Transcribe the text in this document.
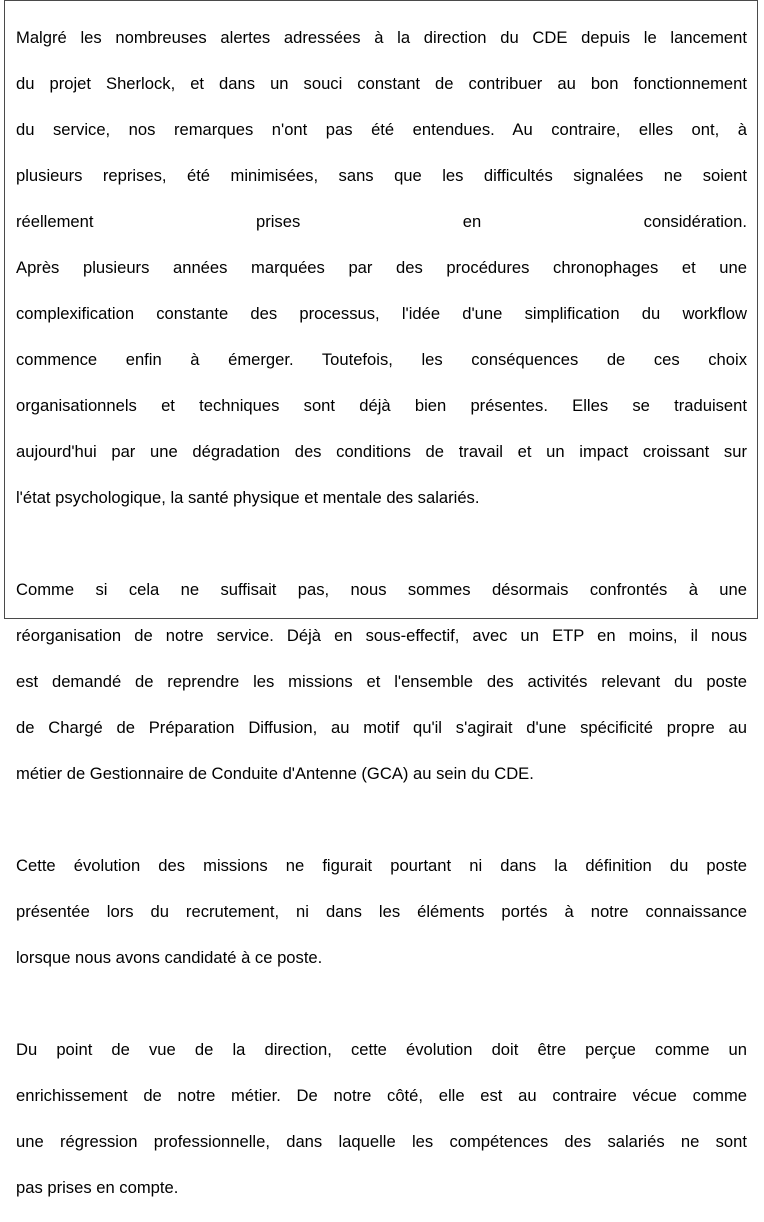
Malgré les nombreuses alertes adressées à la direction du CDE depuis le lancement

du projet Sherlock, et dans un souci constant de contribuer au bon fonctionnement

du service, nos remarques n'ont pas été entendues. Au contraire, elles ont, à

plusieurs reprises, été minimisées, sans que les difficultés signalées ne soient

réellement prises en considération.

Après plusieurs années marquées par des procédures chronophages et une

complexification constante des processus, l'idée d'une simplification du workflow

commence enfin à émerger. Toutefois, les conséquences de ces choix

organisationnels et techniques sont déjà bien présentes. Elles se traduisent

aujourd'hui par une dégradation des conditions de travail et un impact croissant sur

l'état psychologique, la santé physique et mentale des salariés.

Comme si cela ne suffisait pas, nous sommes désormais confrontés à une

réorganisation de notre service. Déjà en sous-effectif, avec un ETP en moins, il nous

est demandé de reprendre les missions et l'ensemble des activités relevant du poste

de Chargé de Préparation Diffusion, au motif qu'il s'agirait d'une spécificité propre au

métier de Gestionnaire de Conduite d'Antenne (GCA) au sein du CDE.

Cette évolution des missions ne figurait pourtant ni dans la définition du poste

présentée lors du recrutement, ni dans les éléments portés à notre connaissance

lorsque nous avons candidaté à ce poste.

Du point de vue de la direction, cette évolution doit être perçue comme un

enrichissement de notre métier. De notre côté, elle est au contraire vécue comme

une régression professionnelle, dans laquelle les compétences des salariés ne sont

pas prises en compte.
